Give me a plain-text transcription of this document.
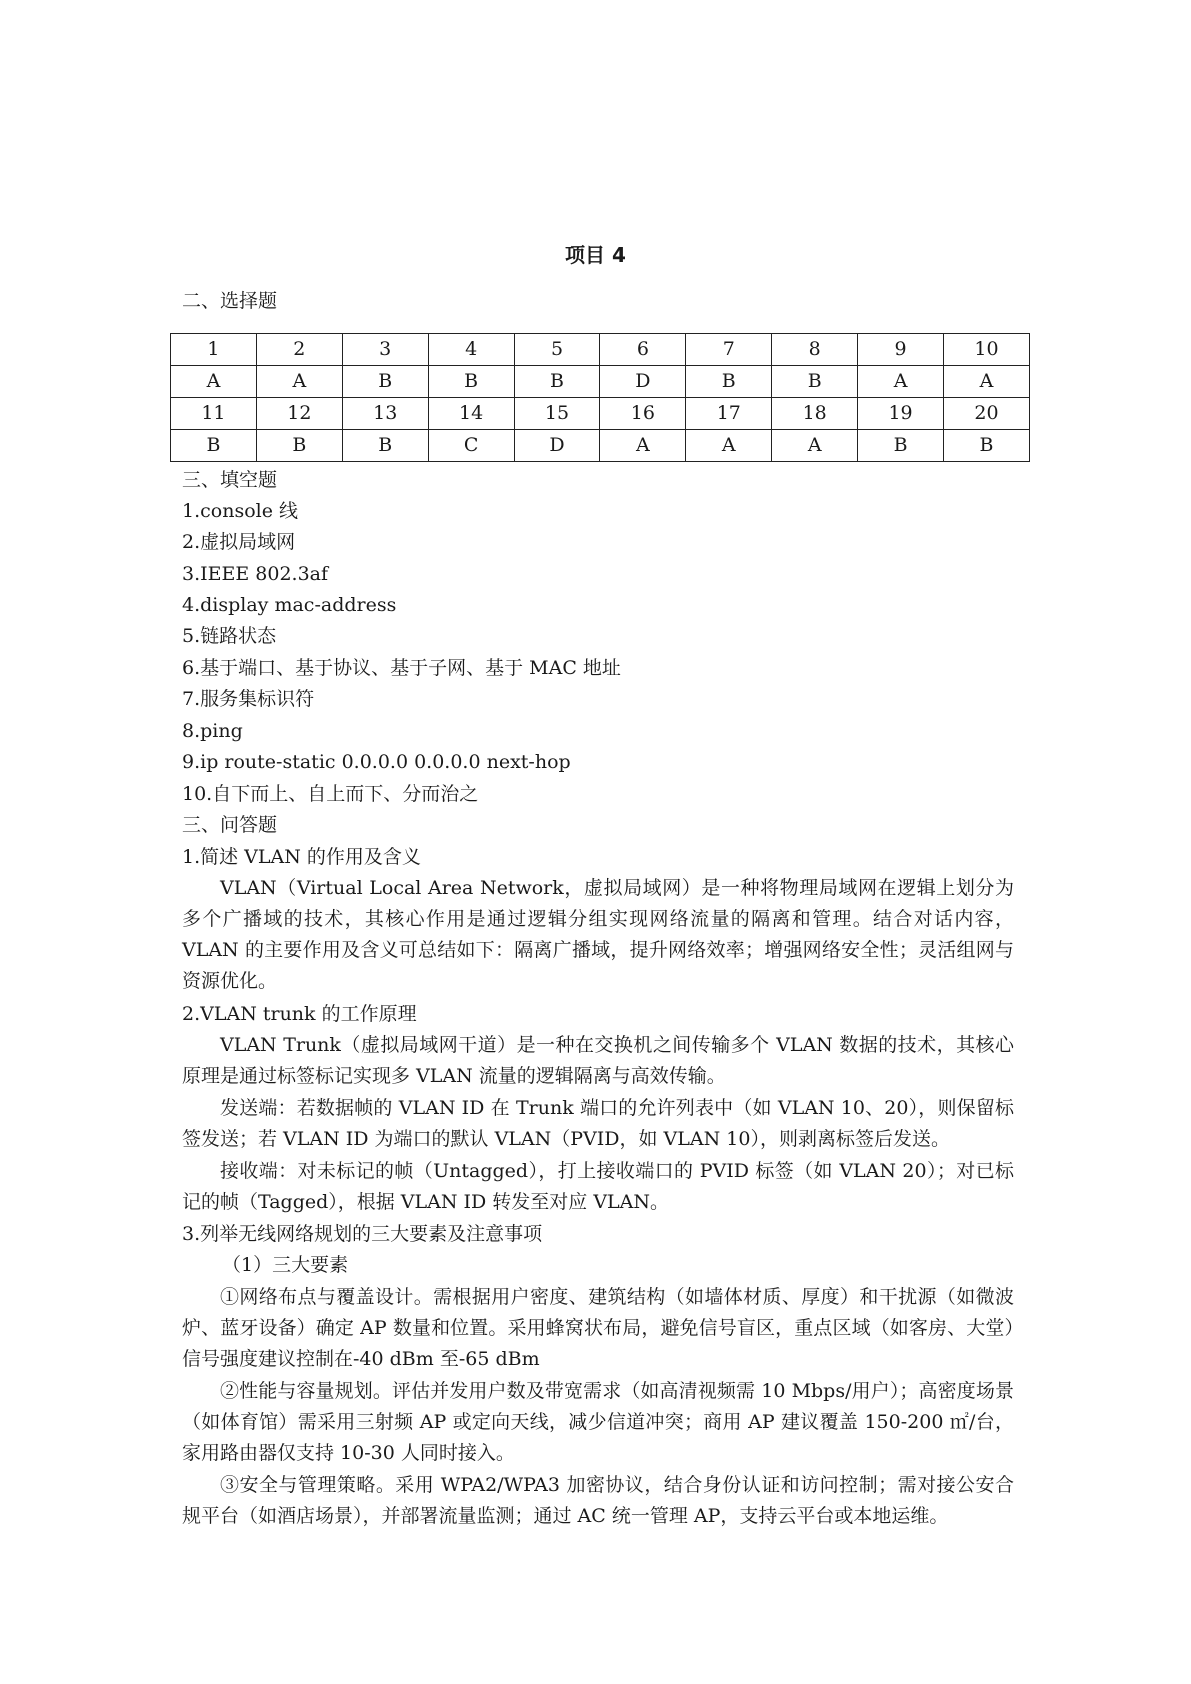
项目 4
二、选择题
1	2	3	4	5	6	7	8	9	10
A	A	B	B	B	D	B	B	A	A
11	12	13	14	15	16	17	18	19	20
B	B	B	C	D	A	A	A	B	B
三、填空题
1.console 线
2.虚拟局域网
3.IEEE 802.3af
4.display mac-address
5.链路状态
6.基于端口、基于协议、基于子网、基于 MAC 地址
7.服务集标识符
8.ping
9.ip route-static 0.0.0.0 0.0.0.0 next-hop
10.自下而上、自上而下、分而治之
三、问答题
1.简述 VLAN 的作用及含义
VLAN（Virtual Local Area Network，虚拟局域网）是一种将物理局域网在逻辑上划分为多个广播域的技术，其核心作用是通过逻辑分组实现网络流量的隔离和管理。结合对话内容，VLAN 的主要作用及含义可总结如下：隔离广播域，提升网络效率；增强网络安全性；灵活组网与资源优化。
2.VLAN trunk 的工作原理
VLAN Trunk（虚拟局域网干道）是一种在交换机之间传输多个 VLAN 数据的技术，其核心原理是通过标签标记实现多 VLAN 流量的逻辑隔离与高效传输。
发送端：若数据帧的 VLAN ID 在 Trunk 端口的允许列表中（如 VLAN 10、20），则保留标签发送；若 VLAN ID 为端口的默认 VLAN（PVID，如 VLAN 10），则剥离标签后发送。
接收端：对未标记的帧（Untagged），打上接收端口的 PVID 标签（如 VLAN 20）；对已标记的帧（Tagged），根据 VLAN ID 转发至对应 VLAN。
3.列举无线网络规划的三大要素及注意事项
（1）三大要素
①网络布点与覆盖设计。需根据用户密度、建筑结构（如墙体材质、厚度）和干扰源（如微波炉、蓝牙设备）确定 AP 数量和位置。采用蜂窝状布局，避免信号盲区，重点区域（如客房、大堂）信号强度建议控制在-40 dBm 至-65 dBm
②性能与容量规划。评估并发用户数及带宽需求（如高清视频需 10 Mbps/用户）；高密度场景（如体育馆）需采用三射频 AP 或定向天线，减少信道冲突；商用 AP 建议覆盖 150-200 ㎡/台，家用路由器仅支持 10-30 人同时接入。
③安全与管理策略。采用 WPA2/WPA3 加密协议，结合身份认证和访问控制；需对接公安合规平台（如酒店场景），并部署流量监测；通过 AC 统一管理 AP，支持云平台或本地运维。
